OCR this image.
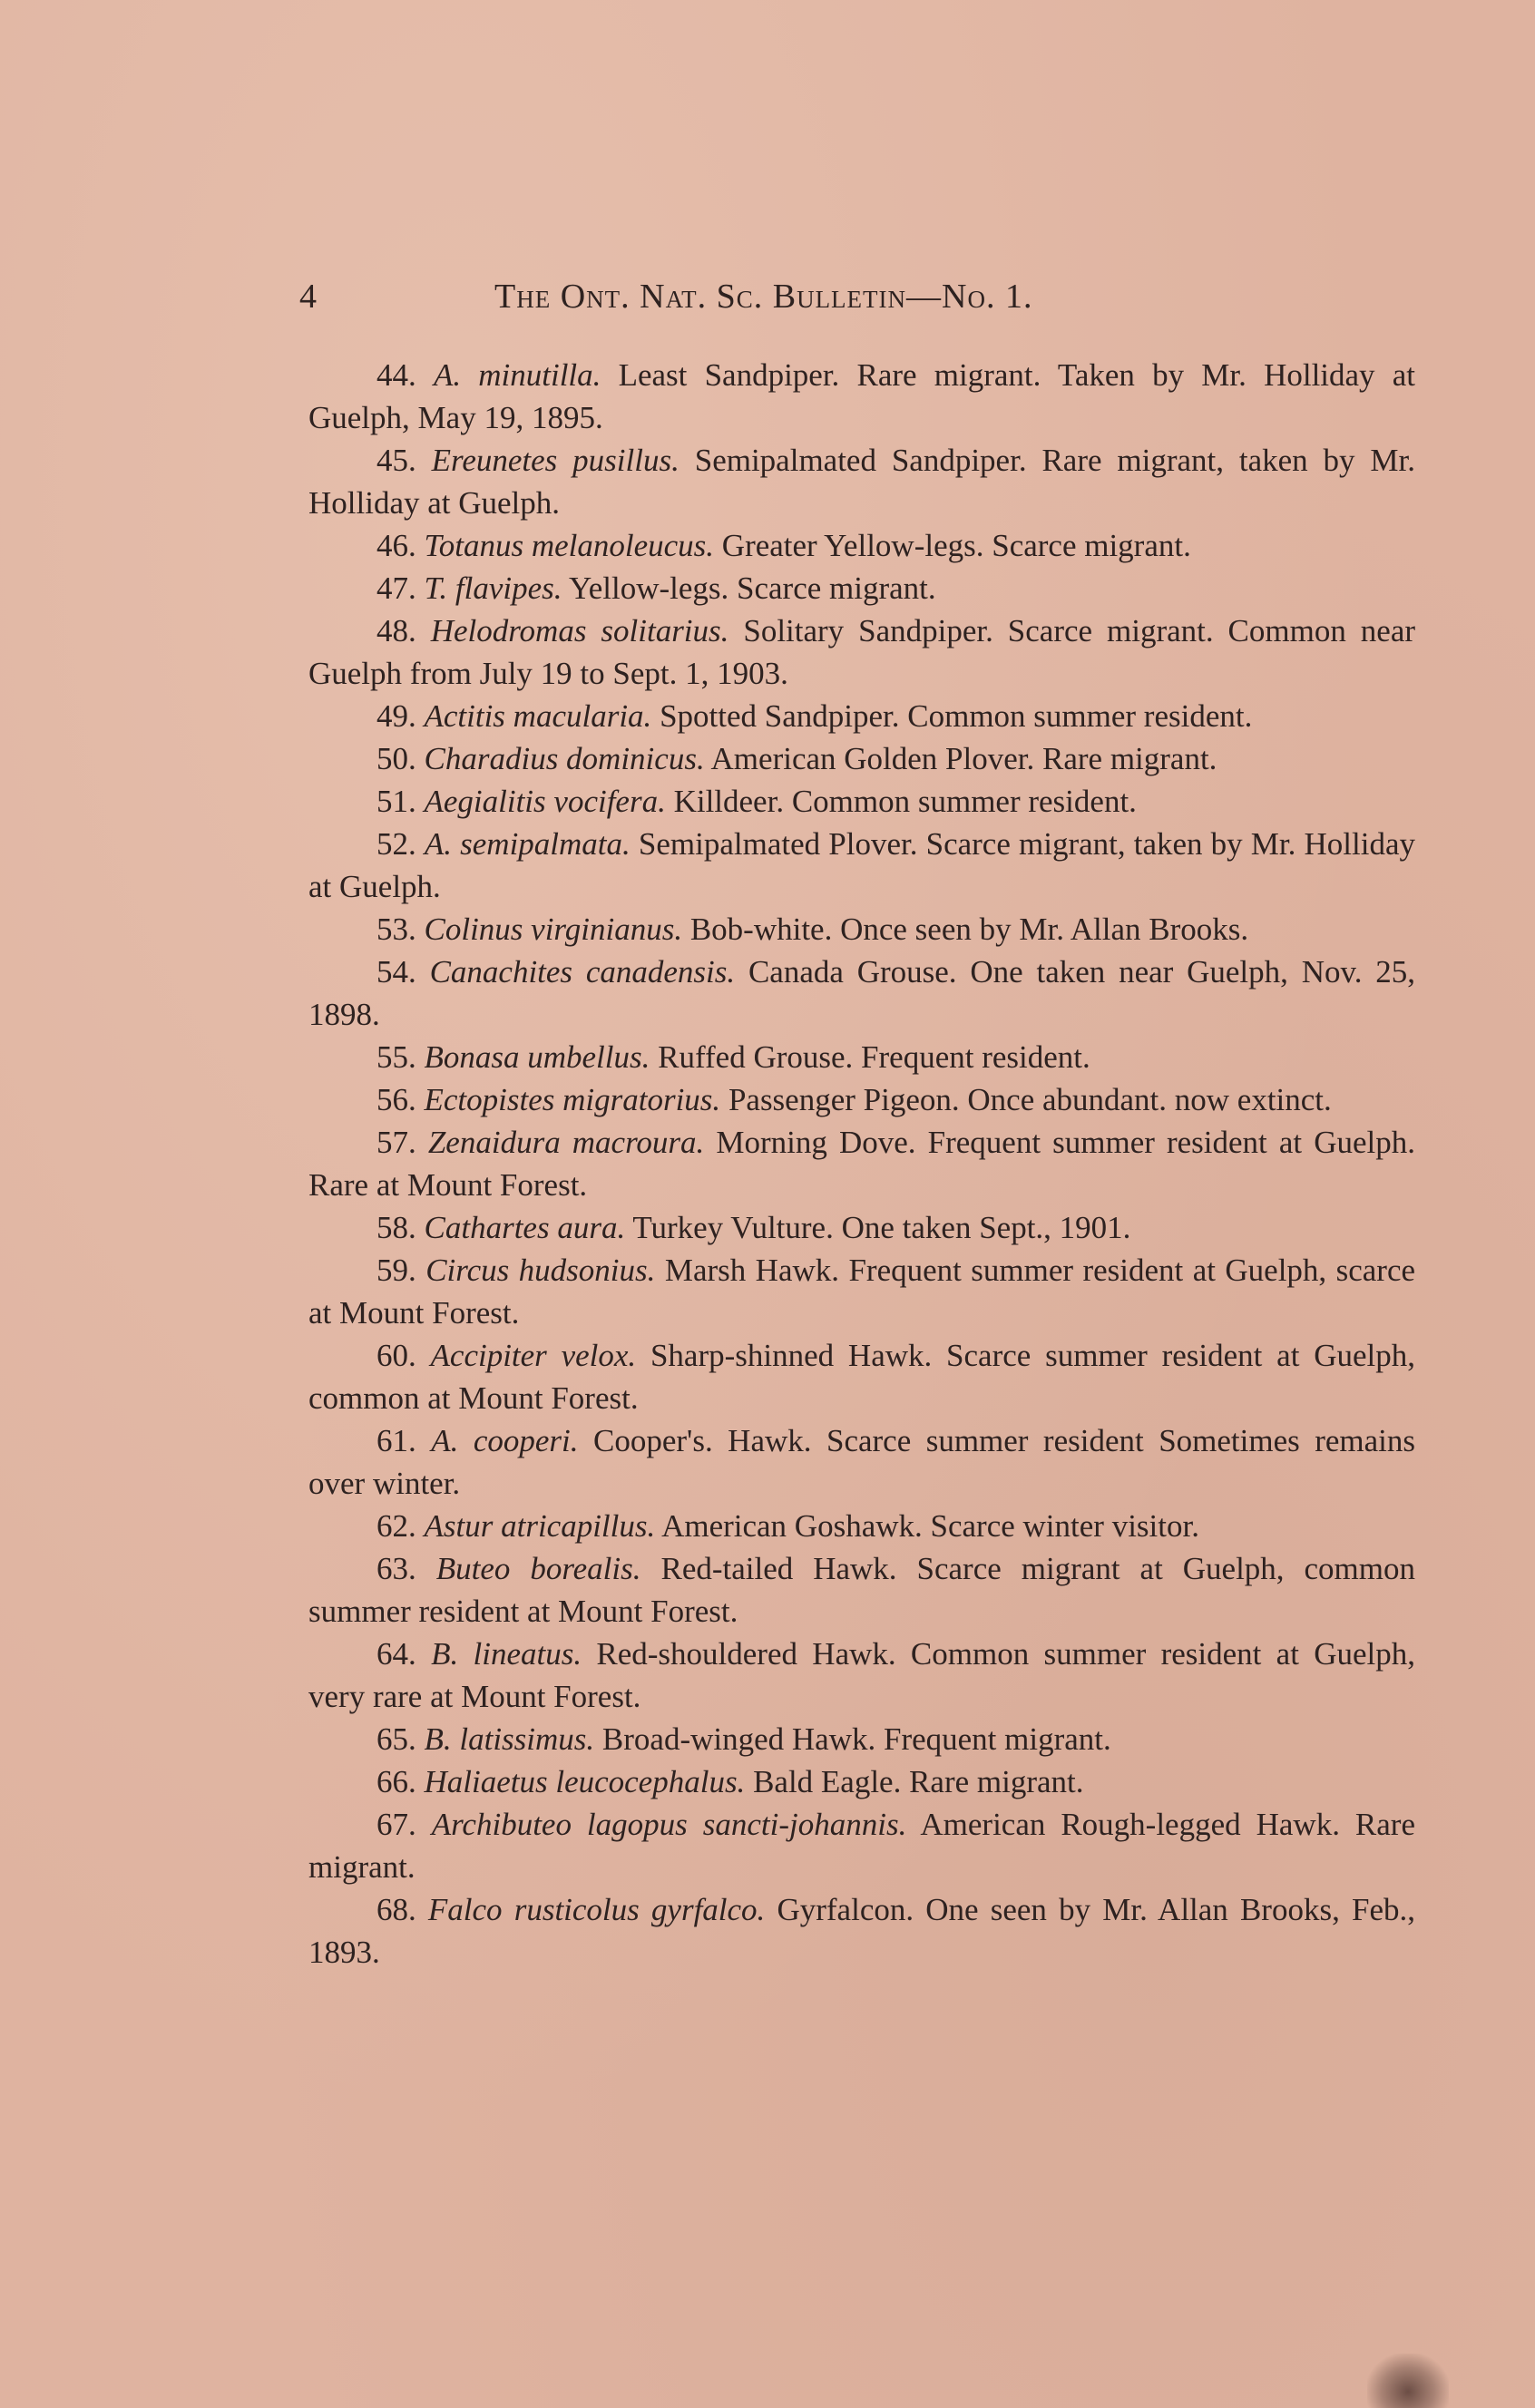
4	The Ont. Nat. Sc. Bulletin—No. 1.

44. A. minutilla. Least Sandpiper. Rare migrant. Taken by Mr. Holliday at Guelph, May 19, 1895.

45. Ereunetes pusillus. Semipalmated Sandpiper. Rare migrant, taken by Mr. Holliday at Guelph.

46. Totanus melanoleucus. Greater Yellow-legs. Scarce migrant.

47. T. flavipes. Yellow-legs. Scarce migrant.

48. Helodromas solitarius. Solitary Sandpiper. Scarce migrant. Common near Guelph from July 19 to Sept. 1, 1903.

49. Actitis macularia. Spotted Sandpiper. Common summer resident.

50. Charadius dominicus. American Golden Plover. Rare migrant.

51. Aegialitis vocifera. Killdeer. Common summer resident.

52. A. semipalmata. Semipalmated Plover. Scarce migrant, taken by Mr. Holliday at Guelph.

53. Colinus virginianus. Bob-white. Once seen by Mr. Allan Brooks.

54. Canachites canadensis. Canada Grouse. One taken near Guelph, Nov. 25, 1898.

55. Bonasa umbellus. Ruffed Grouse. Frequent resident.

56. Ectopistes migratorius. Passenger Pigeon. Once abundant. now extinct.

57. Zenaidura macroura. Morning Dove. Frequent summer resident at Guelph. Rare at Mount Forest.

58. Cathartes aura. Turkey Vulture. One taken Sept., 1901.

59. Circus hudsonius. Marsh Hawk. Frequent summer resident at Guelph, scarce at Mount Forest.

60. Accipiter velox. Sharp-shinned Hawk. Scarce summer resident at Guelph, common at Mount Forest.

61. A. cooperi. Cooper's. Hawk. Scarce summer resident Sometimes remains over winter.

62. Astur atricapillus. American Goshawk. Scarce winter visitor.

63. Buteo borealis. Red-tailed Hawk. Scarce migrant at Guelph, common summer resident at Mount Forest.

64. B. lineatus. Red-shouldered Hawk. Common summer resident at Guelph, very rare at Mount Forest.

65. B. latissimus. Broad-winged Hawk. Frequent migrant.

66. Haliaetus leucocephalus. Bald Eagle. Rare migrant.

67. Archibuteo lagopus sancti-johannis. American Rough-legged Hawk. Rare migrant.

68. Falco rusticolus gyrfalco. Gyrfalcon. One seen by Mr. Allan Brooks, Feb., 1893.
